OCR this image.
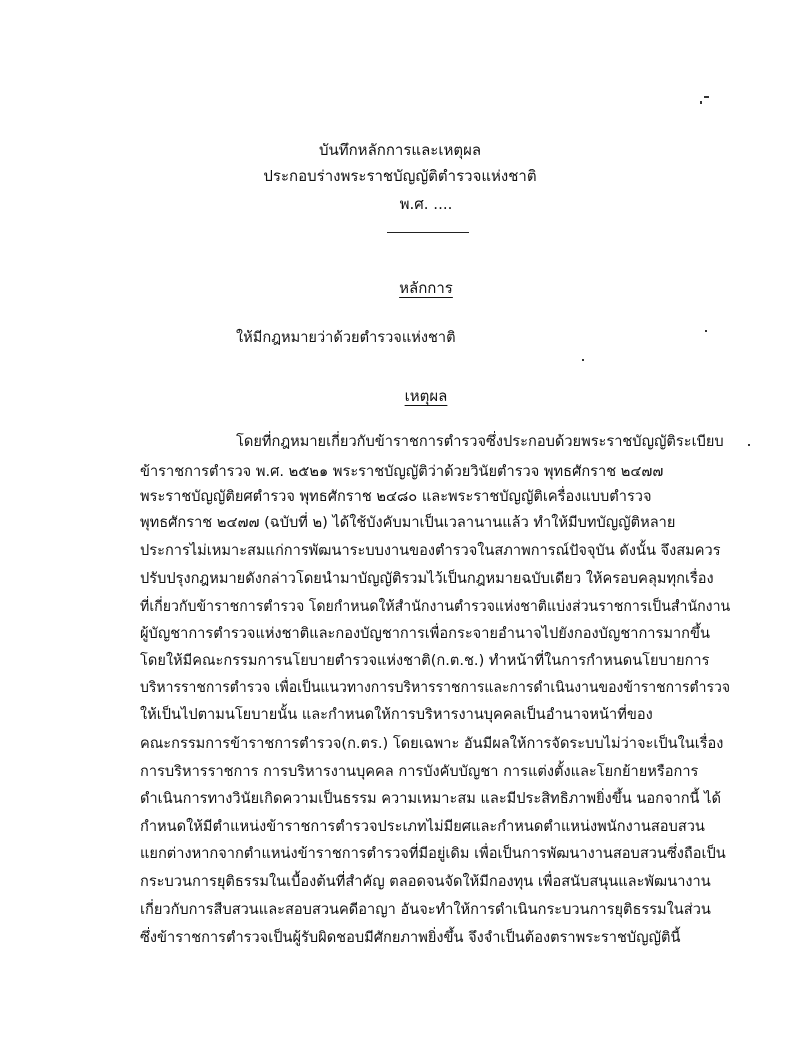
บันทึกหลักการและเหตุผล
ประกอบร่างพระราชบัญญัติตำรวจแห่งชาติ
พ.ศ. ....
หลักการ
ให้มีกฎหมายว่าด้วยตำรวจแห่งชาติ
เหตุผล
โดยที่กฎหมายเกี่ยวกับข้าราชการตำรวจซึ่งประกอบด้วยพระราชบัญญัติระเบียบ
ข้าราชการตำรวจ พ.ศ. ๒๕๒๑ พระราชบัญญัติว่าด้วยวินัยตำรวจ พุทธศักราช ๒๔๗๗
พระราชบัญญัติยศตำรวจ พุทธศักราช ๒๔๘๐ และพระราชบัญญัติเครื่องแบบตำรวจ
พุทธศักราช ๒๔๗๗ (ฉบับที่ ๒) ได้ใช้บังคับมาเป็นเวลานานแล้ว ทำให้มีบทบัญญัติหลาย
ประการไม่เหมาะสมแก่การพัฒนาระบบงานของตำรวจในสภาพการณ์ปัจจุบัน ดังนั้น จึงสมควร
ปรับปรุงกฎหมายดังกล่าวโดยนำมาบัญญัติรวมไว้เป็นกฎหมายฉบับเดียว ให้ครอบคลุมทุกเรื่อง
ที่เกี่ยวกับข้าราชการตำรวจ โดยกำหนดให้สำนักงานตำรวจแห่งชาติแบ่งส่วนราชการเป็นสำนักงาน
ผู้บัญชาการตำรวจแห่งชาติและกองบัญชาการเพื่อกระจายอำนาจไปยังกองบัญชาการมากขึ้น
โดยให้มีคณะกรรมการนโยบายตำรวจแห่งชาติ(ก.ต.ช.) ทำหน้าที่ในการกำหนดนโยบายการ
บริหารราชการตำรวจ เพื่อเป็นแนวทางการบริหารราชการและการดำเนินงานของข้าราชการตำรวจ
ให้เป็นไปตามนโยบายนั้น และกำหนดให้การบริหารงานบุคคลเป็นอำนาจหน้าที่ของ
คณะกรรมการข้าราชการตำรวจ(ก.ตร.) โดยเฉพาะ อันมีผลให้การจัดระบบไม่ว่าจะเป็นในเรื่อง
การบริหารราชการ การบริหารงานบุคคล การบังคับบัญชา การแต่งตั้งและโยกย้ายหรือการ
ดำเนินการทางวินัยเกิดความเป็นธรรม ความเหมาะสม และมีประสิทธิภาพยิ่งขึ้น นอกจากนี้ ได้
กำหนดให้มีตำแหน่งข้าราชการตำรวจประเภทไม่มียศและกำหนดตำแหน่งพนักงานสอบสวน
แยกต่างหากจากตำแหน่งข้าราชการตำรวจที่มีอยู่เดิม เพื่อเป็นการพัฒนางานสอบสวนซึ่งถือเป็น
กระบวนการยุติธรรมในเบื้องต้นที่สำคัญ ตลอดจนจัดให้มีกองทุน เพื่อสนับสนุนและพัฒนางาน
เกี่ยวกับการสืบสวนและสอบสวนคดีอาญา อันจะทำให้การดำเนินกระบวนการยุติธรรมในส่วน
ซึ่งข้าราชการตำรวจเป็นผู้รับผิดชอบมีศักยภาพยิ่งขึ้น จึงจำเป็นต้องตราพระราชบัญญัตินี้
